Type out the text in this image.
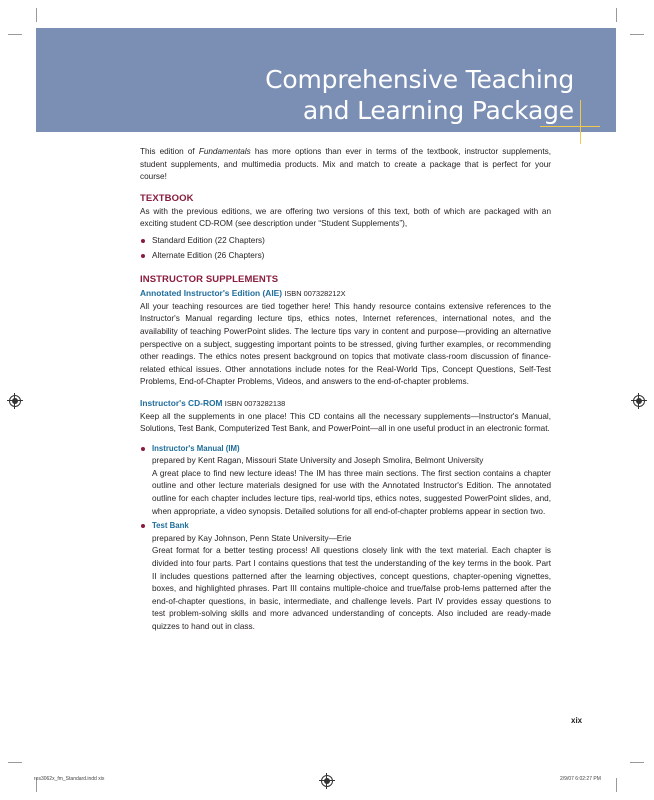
Comprehensive Teaching
and Learning Package

This edition of Fundamentals has more options than ever in terms of the textbook, instructor supplements, student supplements, and multimedia products. Mix and match to create a package that is perfect for your course!

TEXTBOOK

As with the previous editions, we are offering two versions of this text, both of which are packaged with an exciting student CD-ROM (see description under “Student Supplements”),

Standard Edition (22 Chapters)
Alternate Edition (26 Chapters)
INSTRUCTOR SUPPLEMENTS
Annotated Instructor's Edition (AIE) ISBN 007328212X

All your teaching resources are tied together here! This handy resource contains extensive references to the Instructor's Manual regarding lecture tips, ethics notes, Internet references, international notes, and the availability of teaching PowerPoint slides. The lecture tips vary in content and purpose—providing an alternative perspective on a subject, suggesting important points to be stressed, giving further examples, or recommending other readings. The ethics notes present background on topics that motivate class-room discussion of finance-related ethical issues. Other annotations include notes for the Real-World Tips, Concept Questions, Self-Test Problems, End-of-Chapter Problems, Videos, and answers to the end-of-chapter problems.

Instructor's CD-ROM ISBN 0073282138

Keep all the supplements in one place! This CD contains all the necessary supplements—Instructor's Manual, Solutions, Test Bank, Computerized Test Bank, and PowerPoint—all in one useful product in an electronic format.

Instructor's Manual (IM)
prepared by Kent Ragan, Missouri State University and Joseph Smolira, Belmont University
A great place to find new lecture ideas! The IM has three main sections. The first section contains a chapter outline and other lecture materials designed for use with the Annotated Instructor's Edition. The annotated outline for each chapter includes lecture tips, real-world tips, ethics notes, suggested PowerPoint slides, and, when appropriate, a video synopsis. Detailed solutions for all end-of-chapter problems appear in section two.
Test Bank
prepared by Kay Johnson, Penn State University—Erie
Great format for a better testing process! All questions closely link with the text material. Each chapter is divided into four parts. Part I contains questions that test the understanding of the key terms in the book. Part II includes questions patterned after the learning objectives, concept questions, chapter-opening vignettes, boxes, and highlighted phrases. Part III contains multiple-choice and true/false prob-lems patterned after the end-of-chapter questions, in basic, intermediate, and challenge levels. Part IV provides essay questions to test problem-solving skills and more advanced understanding of concepts. Also included are ready-made quizzes to hand out in class.
xix
ros3062x_fm_Standard.indd xix	2/9/07 6:02:27 PM
